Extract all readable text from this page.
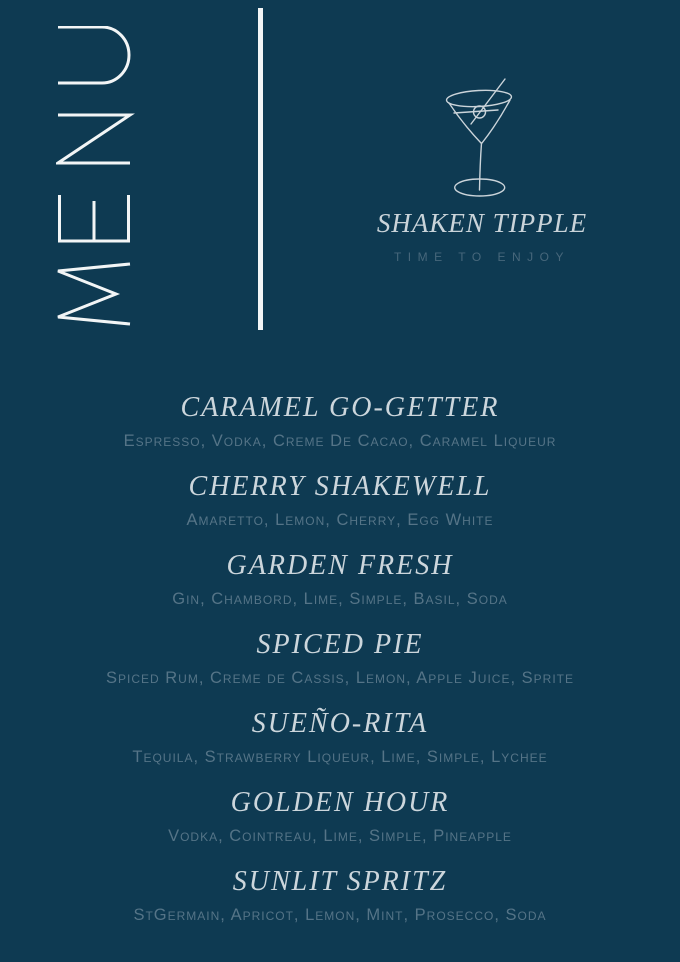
SHAKEN TIPPLE
TIME TO ENJOY
CARAMEL GO-GETTER
Espresso, Vodka, Creme De Cacao, Caramel Liqueur
CHERRY SHAKEWELL
Amaretto, Lemon, Cherry, Egg White
GARDEN FRESH
Gin, Chambord, Lime, Simple, Basil, Soda
SPICED PIE
Spiced Rum, Creme de Cassis, Lemon, Apple Juice, Sprite
SUEÑO-RITA
Tequila, Strawberry Liqueur, Lime, Simple, Lychee
GOLDEN HOUR
Vodka, Cointreau, Lime, Simple, Pineapple
SUNLIT SPRITZ
StGermain, Apricot, Lemon, Mint, Prosecco, Soda
